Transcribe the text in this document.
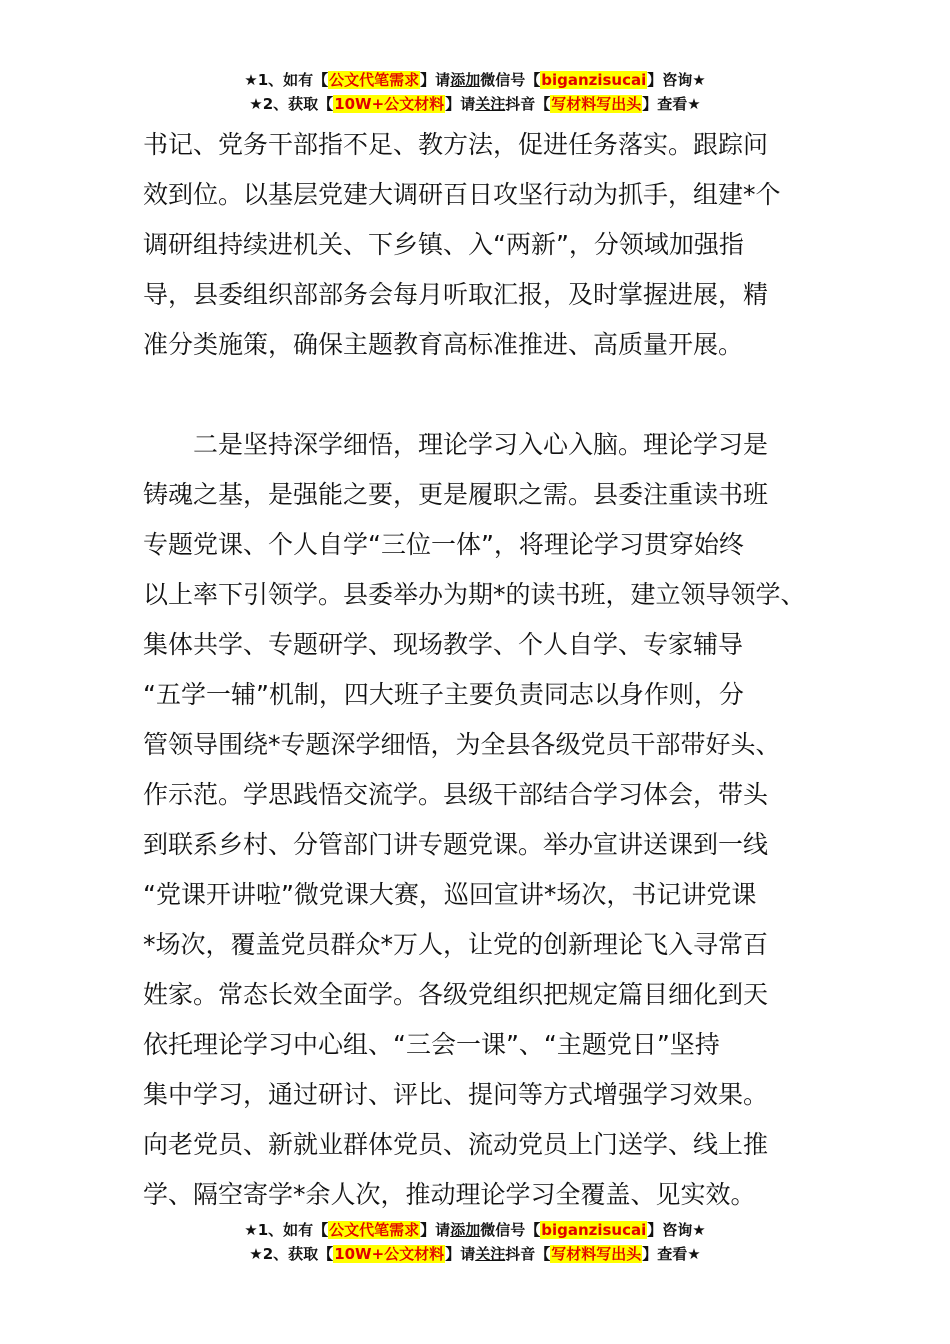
★1、如有【公文代笔需求】请添加微信号【biganzisucai】咨询★
★2、获取【10W+公文材料】请关注抖音【写材料写出头】查看★
书记、党务干部指不足、教方法，促进任务落实。跟踪问
效到位。以基层党建大调研百日攻坚行动为抓手，组建*个
调研组持续进机关、下乡镇、入“两新”，分领域加强指
导，县委组织部部务会每月听取汇报，及时掌握进展，精
准分类施策，确保主题教育高标准推进、高质量开展。
　　二是坚持深学细悟，理论学习入心入脑。理论学习是
铸魂之基，是强能之要，更是履职之需。县委注重读书班
专题党课、个人自学“三位一体”，将理论学习贯穿始终
以上率下引领学。县委举办为期*的读书班，建立领导领学、
集体共学、专题研学、现场教学、个人自学、专家辅导
“五学一辅”机制，四大班子主要负责同志以身作则，分
管领导围绕*专题深学细悟，为全县各级党员干部带好头、
作示范。学思践悟交流学。县级干部结合学习体会，带头
到联系乡村、分管部门讲专题党课。举办宣讲送课到一线
“党课开讲啦”微党课大赛，巡回宣讲*场次，书记讲党课
*场次，覆盖党员群众*万人，让党的创新理论飞入寻常百
姓家。常态长效全面学。各级党组织把规定篇目细化到天
依托理论学习中心组、“三会一课”、“主题党日”坚持
集中学习，通过研讨、评比、提问等方式增强学习效果。
向老党员、新就业群体党员、流动党员上门送学、线上推
学、隔空寄学*余人次，推动理论学习全覆盖、见实效。
★1、如有【公文代笔需求】请添加微信号【biganzisucai】咨询★
★2、获取【10W+公文材料】请关注抖音【写材料写出头】查看★
